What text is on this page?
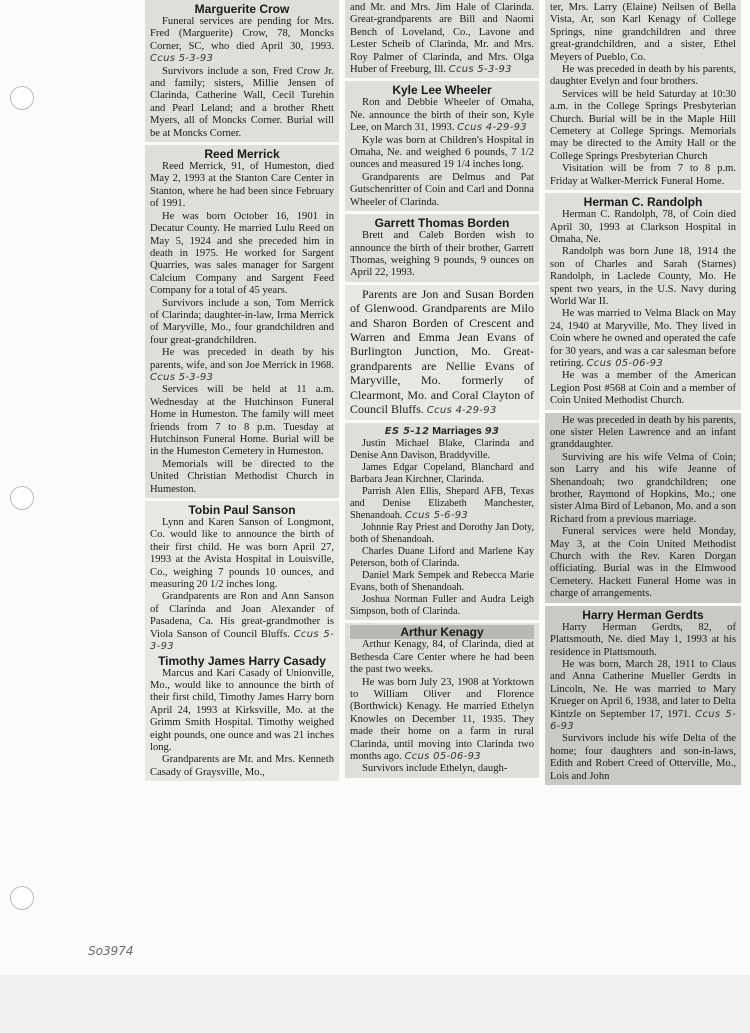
Marguerite Crow

Funeral services are pending for Mrs. Fred (Marguerite) Crow, 78, Moncks Corner, SC, who died April 30, 1993. Ccus 5-3-93

Survivors include a son, Fred Crow Jr. and family; sisters, Millie Jensen of Clarinda, Catherine Wall, Cecil Turehin and Pearl Leland; and a brother Rhett Myers, all of Moncks Corner. Burial will be at Moncks Corner.

Reed Merrick

Reed Merrick, 91, of Humeston, died May 2, 1993 at the Stanton Care Center in Stanton, where he had been since February of 1991.

He was born October 16, 1901 in Decatur County. He married Lulu Reed on May 5, 1924 and she preceded him in death in 1975. He worked for Sargent Quarries, was sales manager for Sargent Calcium Company and Sargent Feed Company for a total of 45 years.

Survivors include a son, Tom Merrick of Clarinda; daughter-in-law, Irma Merrick of Maryville, Mo., four grandchildren and four great-grandchildren.

He was preceded in death by his parents, wife, and son Joe Merrick in 1968. Ccus 5-3-93

Services will be held at 11 a.m. Wednesday at the Hutchinson Funeral Home in Humeston. The family will meet friends from 7 to 8 p.m. Tuesday at Hutchinson Funeral Home. Burial will be in the Humeston Cemetery in Humeston.

Memorials will be directed to the United Christian Methodist Church in Humeston.

Tobin Paul Sanson

Lynn and Karen Sanson of Longmont, Co. would like to announce the birth of their first child. He was born April 27, 1993 at the Avista Hospital in Louisville, Co., weighing 7 pounds 10 ounces, and measuring 20 1/2 inches long.

Grandparents are Ron and Ann Sanson of Clarinda and Joan Alexander of Pasadena, Ca. His great-grandmother is Viola Sanson of Council Bluffs. Ccus 5-3-93

Timothy James Harry Casady

Marcus and Kari Casady of Unionville, Mo., would like to announce the birth of their first child, Timothy James Harry born April 24, 1993 at Kirksville, Mo. at the Grimm Smith Hospital. Timothy weighed eight pounds, one ounce and was 21 inches long.

Grandparents are Mr. and Mrs. Kenneth Casady of Graysville, Mo.,

and Mr. and Mrs. Jim Hale of Clarinda. Great-grandparents are Bill and Naomi Bench of Loveland, Co., Lavone and Lester Scheib of Clarinda, Mr. and Mrs. Roy Palmer of Clarinda, and Mrs. Olga Huber of Freeburg, Ill. Ccus 5-3-93

Kyle Lee Wheeler

Ron and Debbie Wheeler of Omaha, Ne. announce the birth of their son, Kyle Lee, on March 31, 1993. Ccus 4-29-93

Kyle was born at Children's Hospital in Omaha, Ne. and weighed 6 pounds, 7 1/2 ounces and measured 19 1/4 inches long.

Grandparents are Delmus and Pat Gutschenritter of Coin and Carl and Donna Wheeler of Clarinda.

Garrett Thomas Borden

Brett and Caleb Borden wish to announce the birth of their brother, Garrett Thomas, weighing 9 pounds, 9 ounces on April 22, 1993.

Parents are Jon and Susan Borden of Glenwood. Grandparents are Milo and Sharon Borden of Crescent and Warren and Emma Jean Evans of Burlington Junction, Mo. Great-grandparents are Nellie Evans of Maryville, Mo. formerly of Clearmont, Mo. and Coral Clayton of Council Bluffs. Ccus 4-29-93

ES 5-12 Marriages 93

Justin Michael Blake, Clarinda and Denise Ann Davison, Braddyville.

James Edgar Copeland, Blanchard and Barbara Jean Kirchner, Clarinda.

Parrish Alen Ellis, Shepard AFB, Texas and Denise Elizabeth Manchester, Shenandoah. Ccus 5-6-93

Johnnie Ray Priest and Dorothy Jan Doty, both of Shenandoah.

Charles Duane Liford and Marlene Kay Peterson, both of Clarinda.

Daniel Mark Sempek and Rebecca Marie Evans, both of Shenandoah.

Joshua Norman Fuller and Audra Leigh Simpson, both of Clarinda.

Arthur Kenagy

Arthur Kenagy, 84, of Clarinda, died at Bethesda Care Center where he had been the past two weeks.

He was born July 23, 1908 at Yorktown to William Oliver and Florence (Borthwick) Kenagy. He married Ethelyn Knowles on December 11, 1935. They made their home on a farm in rural Clarinda, until moving into Clarinda two months ago. Ccus 05-06-93

Survivors include Ethelyn, daugh-

ter, Mrs. Larry (Elaine) Neilsen of Bella Vista, Ar, son Karl Kenagy of College Springs, nine grandchildren and three great-grandchildren, and a sister, Ethel Meyers of Pueblo, Co.

He was preceded in death by his parents, daughter Evelyn and four brothers.

Services will be held Saturday at 10:30 a.m. in the College Springs Presbyterian Church. Burial will be in the Maple Hill Cemetery at College Springs. Memorials may be directed to the Amity Hall or the College Springs Presbyterian Church

Visitation will be from 7 to 8 p.m. Friday at Walker-Merrick Funeral Home.

Herman C. Randolph

Herman C. Randolph, 78, of Coin died April 30, 1993 at Clarkson Hospital in Omaha, Ne.

Randolph was born June 18, 1914 the son of Charles and Sarah (Starnes) Randolph, in Laclede County, Mo. He spent two years, in the U.S. Navy during World War II.

He was married to Velma Black on May 24, 1940 at Maryville, Mo. They lived in Coin where he owned and operated the cafe for 30 years, and was a car salesman before retiring. Ccus 05-06-93

He was a member of the American Legion Post #568 at Coin and a member of Coin United Methodist Church.

He was preceded in death by his parents, one sister Helen Lawrence and an infant granddaughter.

Surviving are his wife Velma of Coin; son Larry and his wife Jeanne of Shenandoah; two grandchildren; one brother, Raymond of Hopkins, Mo.; one sister Alma Bird of Lebanon, Mo. and a son Richard from a previous marriage.

Funeral services were held Monday, May 3, at the Coin United Methodist Church with the Rev. Karen Dorgan officiating. Burial was in the Elmwood Cemetery. Hackett Funeral Home was in charge of arrangements.

Harry Herman Gerdts

Harry Herman Gerdts, 82, of Plattsmouth, Ne. died May 1, 1993 at his residence in Plattsmouth.

He was born, March 28, 1911 to Claus and Anna Catherine Mueller Gerdts in Lincoln, Ne. He was married to Mary Krueger on April 6, 1938, and later to Delta Kintzle on September 17, 1971. Ccus 5-6-93

Survivors include his wife Delta of the home; four daughters and son-in-laws, Edith and Robert Creed of Otterville, Mo., Lois and John

So3974
